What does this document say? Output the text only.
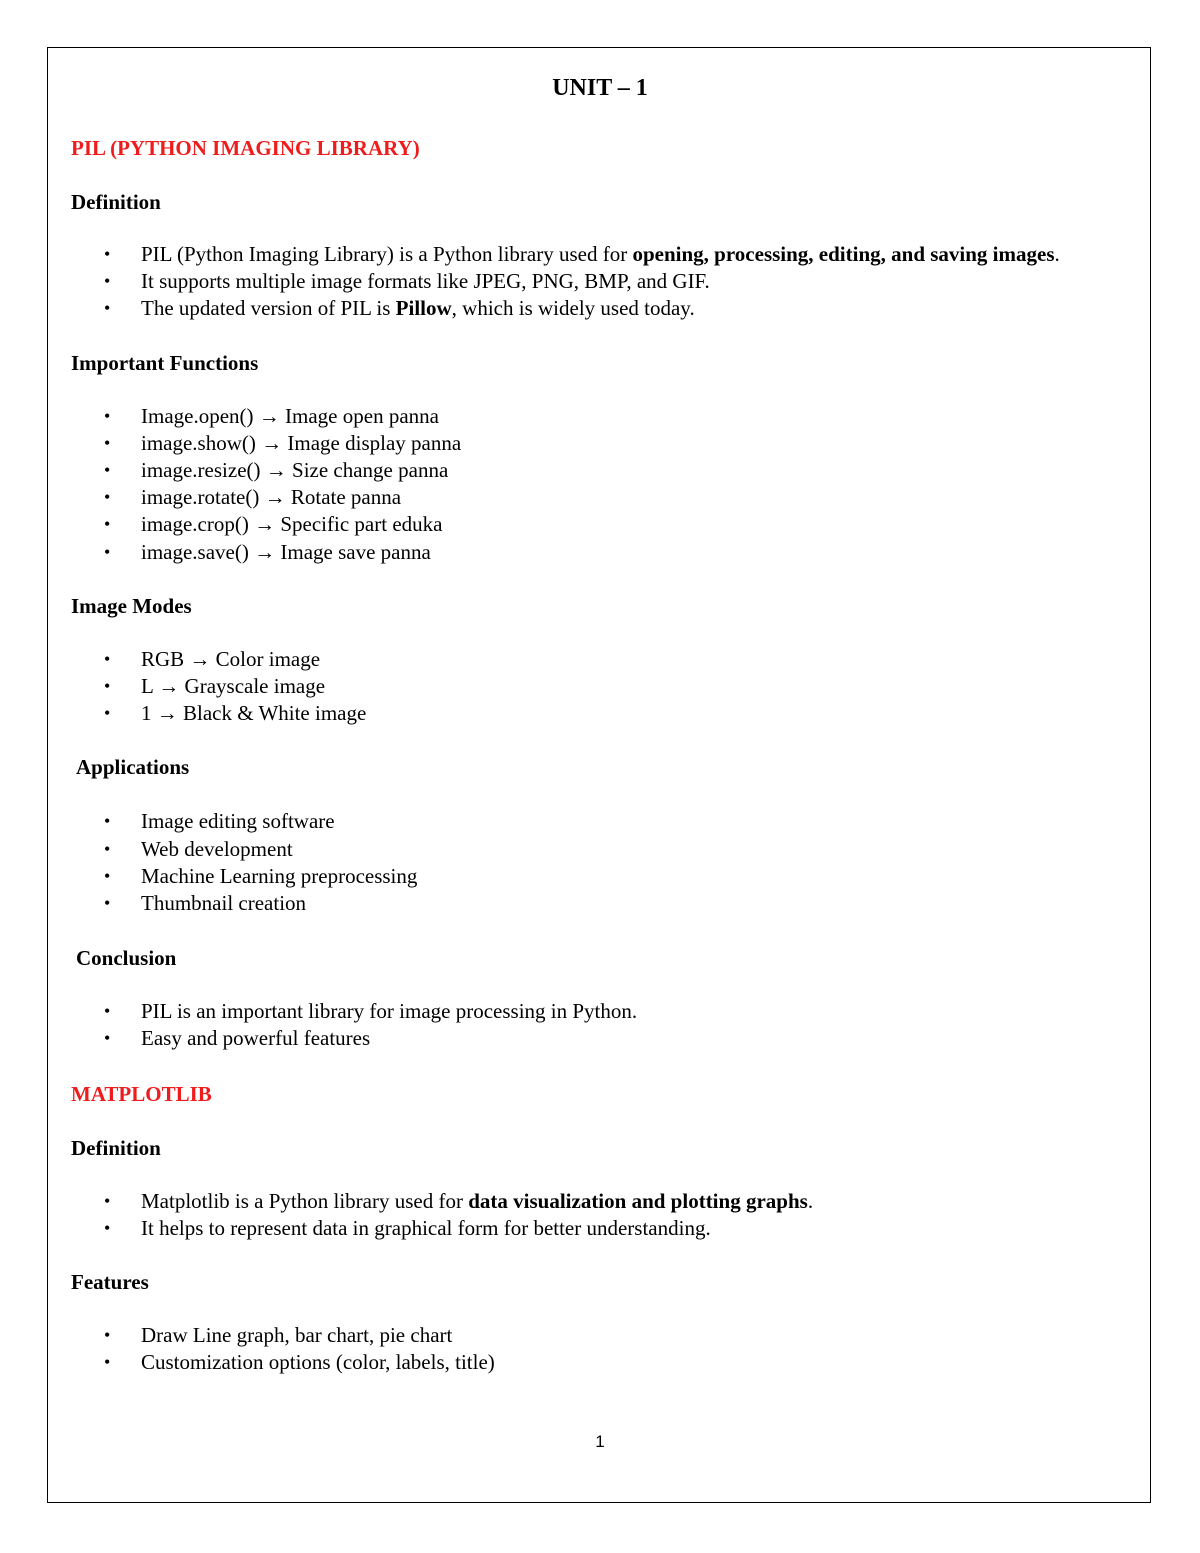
UNIT – 1
PIL (PYTHON IMAGING LIBRARY)
Definition
• PIL (Python Imaging Library) is a Python library used for opening, processing, editing, and saving images.
• It supports multiple image formats like JPEG, PNG, BMP, and GIF.
• The updated version of PIL is Pillow, which is widely used today.
Important Functions
• Image.open() → Image open panna
• image.show() → Image display panna
• image.resize() → Size change panna
• image.rotate() → Rotate panna
• image.crop() → Specific part eduka
• image.save() → Image save panna
Image Modes
• RGB → Color image
• L → Grayscale image
• 1 → Black & White image
Applications
• Image editing software
• Web development
• Machine Learning preprocessing
• Thumbnail creation
Conclusion
• PIL is an important library for image processing in Python.
• Easy and powerful features
MATPLOTLIB
Definition
• Matplotlib is a Python library used for data visualization and plotting graphs.
• It helps to represent data in graphical form for better understanding.
Features
• Draw Line graph, bar chart, pie chart
• Customization options (color, labels, title)
1
